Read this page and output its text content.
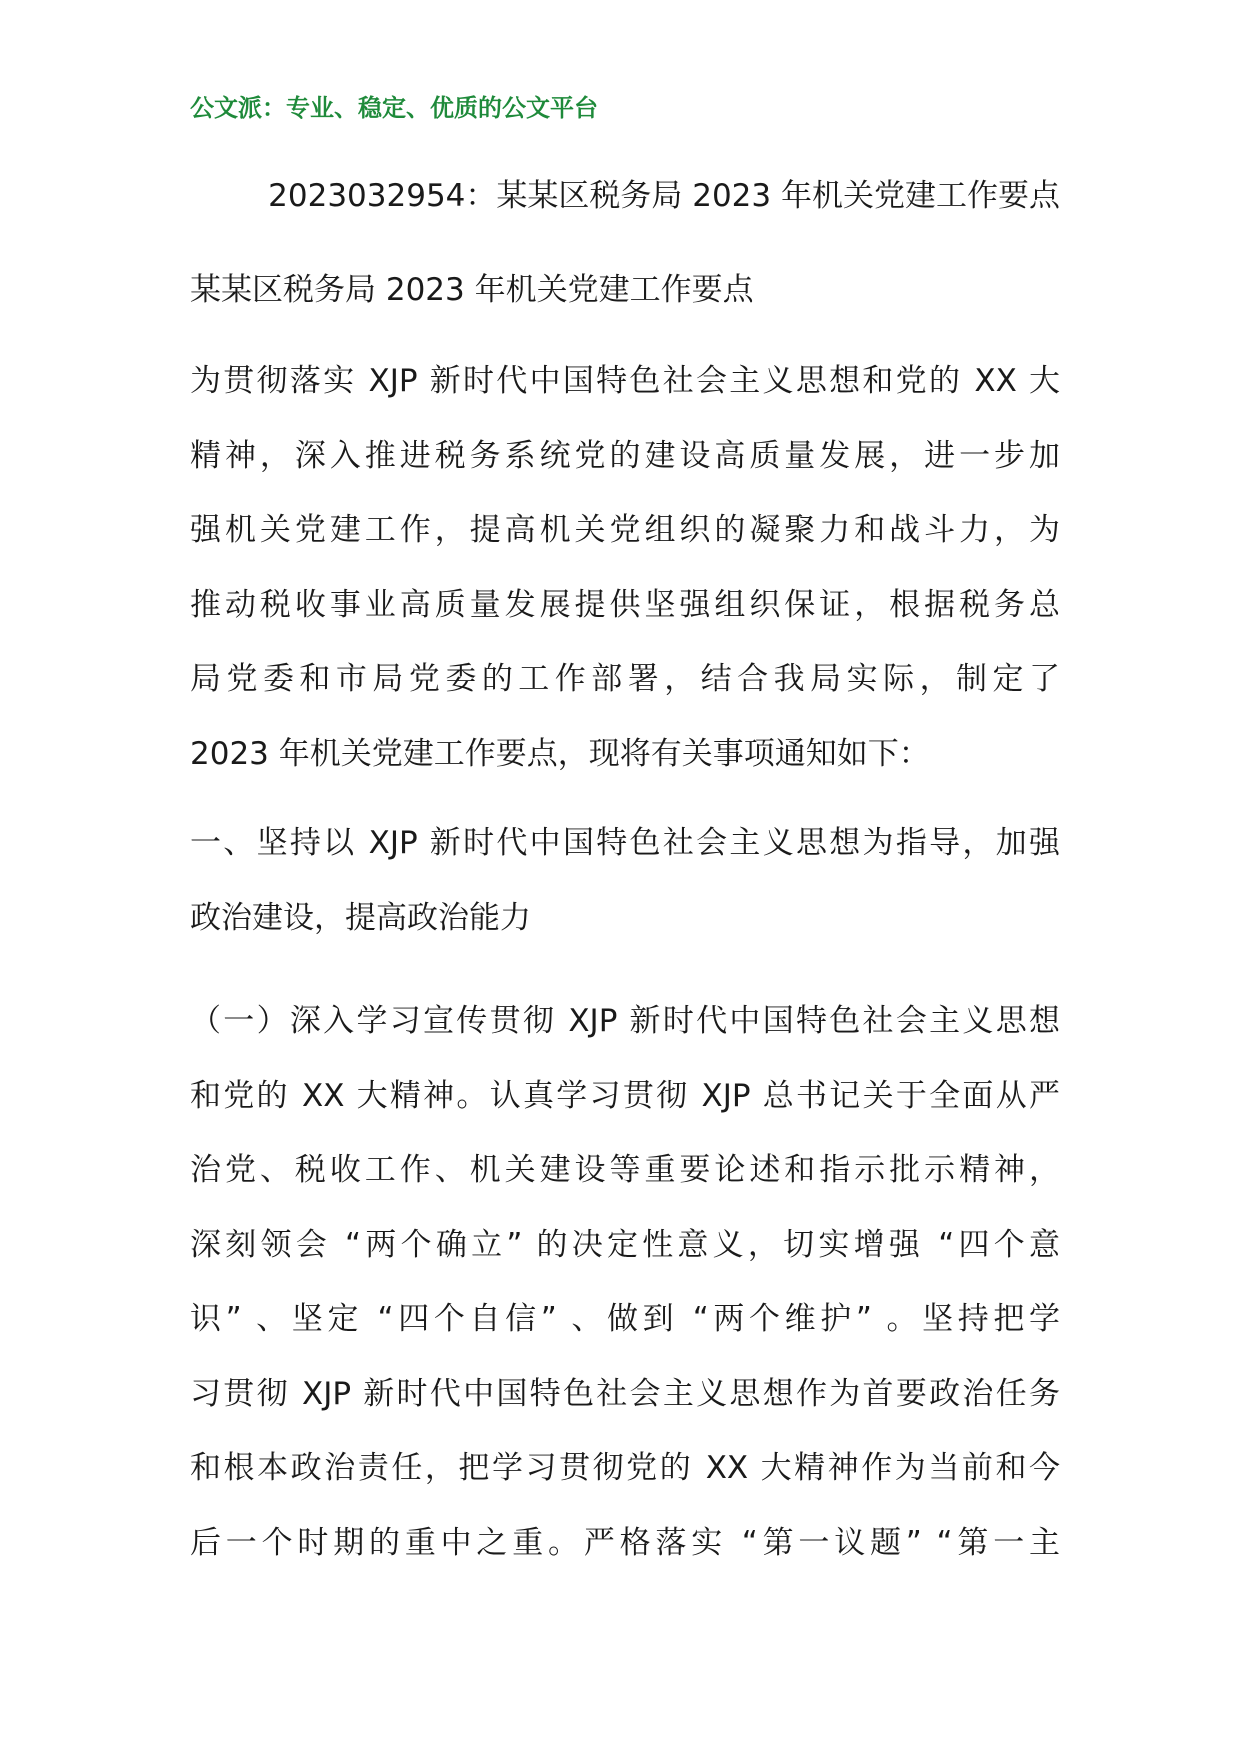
公文派：专业、稳定、优质的公文平台
2023032954：某某区税务局 2023 年机关党建工作要点
某某区税务局 2023 年机关党建工作要点
为贯彻落实 XJP 新时代中国特色社会主义思想和党的 XX 大
精神，深入推进税务系统党的建设高质量发展，进一步加
强机关党建工作，提高机关党组织的凝聚力和战斗力，为
推动税收事业高质量发展提供坚强组织保证，根据税务总
局党委和市局党委的工作部署，结合我局实际，制定了
2023 年机关党建工作要点，现将有关事项通知如下：
一、坚持以 XJP 新时代中国特色社会主义思想为指导，加强
政治建设，提高政治能力
（一）深入学习宣传贯彻 XJP 新时代中国特色社会主义思想
和党的 XX 大精神。认真学习贯彻 XJP 总书记关于全面从严
治党、税收工作、机关建设等重要论述和指示批示精神，
深刻领会 “两个确立” 的决定性意义，切实增强 “四个意
识” 、坚定 “四个自信” 、做到 “两个维护” 。坚持把学
习贯彻 XJP 新时代中国特色社会主义思想作为首要政治任务
和根本政治责任，把学习贯彻党的 XX 大精神作为当前和今
后一个时期的重中之重。严格落实 “第一议题” “第一主
